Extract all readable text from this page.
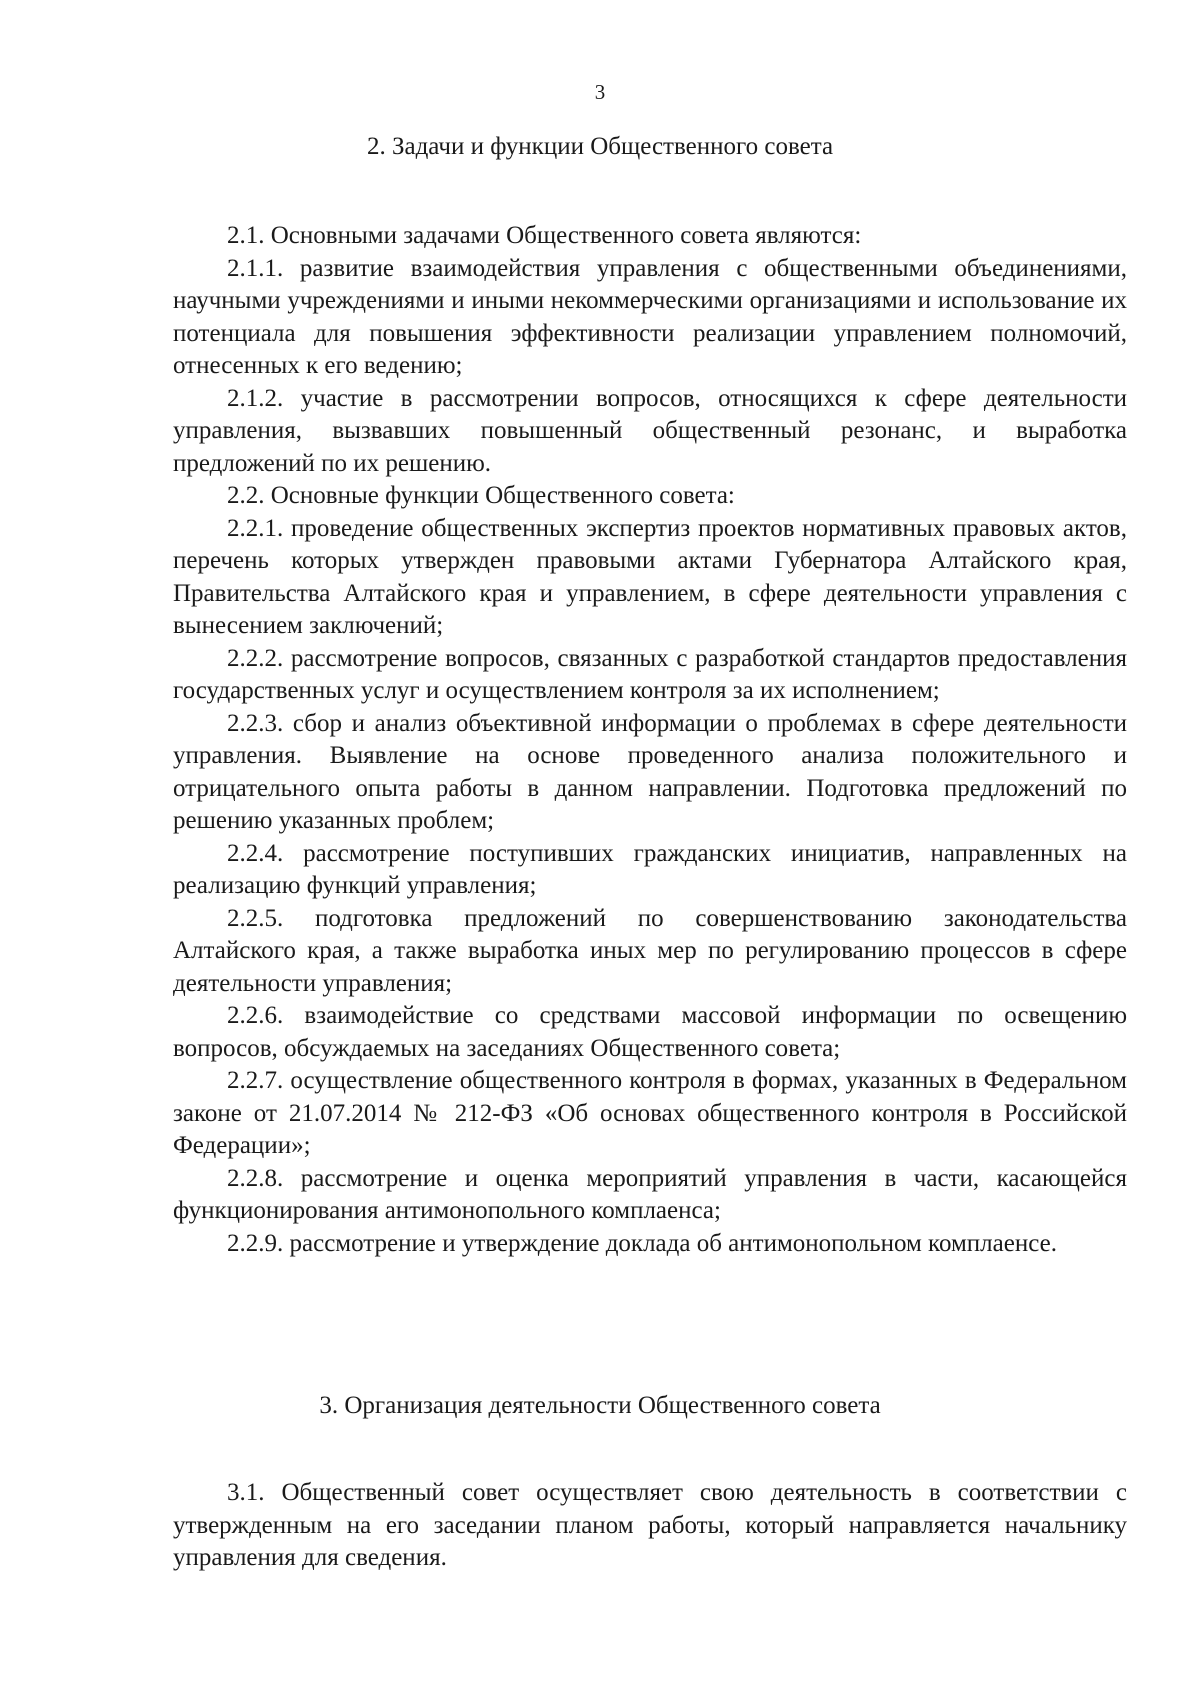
3
2. Задачи и функции Общественного совета

2.1. Основными задачами Общественного совета являются:

2.1.1. развитие взаимодействия управления с общественными объединениями, научными учреждениями и иными некоммерческими организациями и использование их потенциала для повышения эффективности реализации управлением полномочий, отнесенных к его ведению;

2.1.2. участие в рассмотрении вопросов, относящихся к сфере деятельности управления, вызвавших повышенный общественный резонанс, и выработка предложений по их решению.

2.2. Основные функции Общественного совета:

2.2.1. проведение общественных экспертиз проектов нормативных правовых актов, перечень которых утвержден правовыми актами Губернатора Алтайского края, Правительства Алтайского края и управлением, в сфере деятельности управления с вынесением заключений;

2.2.2. рассмотрение вопросов, связанных с разработкой стандартов предоставления государственных услуг и осуществлением контроля за их исполнением;

2.2.3. сбор и анализ объективной информации о проблемах в сфере деятельности управления. Выявление на основе проведенного анализа положительного и отрицательного опыта работы в данном направлении. Подготовка предложений по решению указанных проблем;

2.2.4. рассмотрение поступивших гражданских инициатив, направленных на реализацию функций управления;

2.2.5. подготовка предложений по совершенствованию законодательства Алтайского края, а также выработка иных мер по регулированию процессов в сфере деятельности управления;

2.2.6. взаимодействие со средствами массовой информации по освещению вопросов, обсуждаемых на заседаниях Общественного совета;

2.2.7. осуществление общественного контроля в формах, указанных в Федеральном законе от 21.07.2014 № 212-ФЗ «Об основах общественного контроля в Российской Федерации»;

2.2.8. рассмотрение и оценка мероприятий управления в части, касающейся функционирования антимонопольного комплаенса;

2.2.9. рассмотрение и утверждение доклада об антимонопольном комплаенсе.

3. Организация деятельности Общественного совета

3.1. Общественный совет осуществляет свою деятельность в соответствии с утвержденным на его заседании планом работы, который направляется начальнику управления для сведения.
